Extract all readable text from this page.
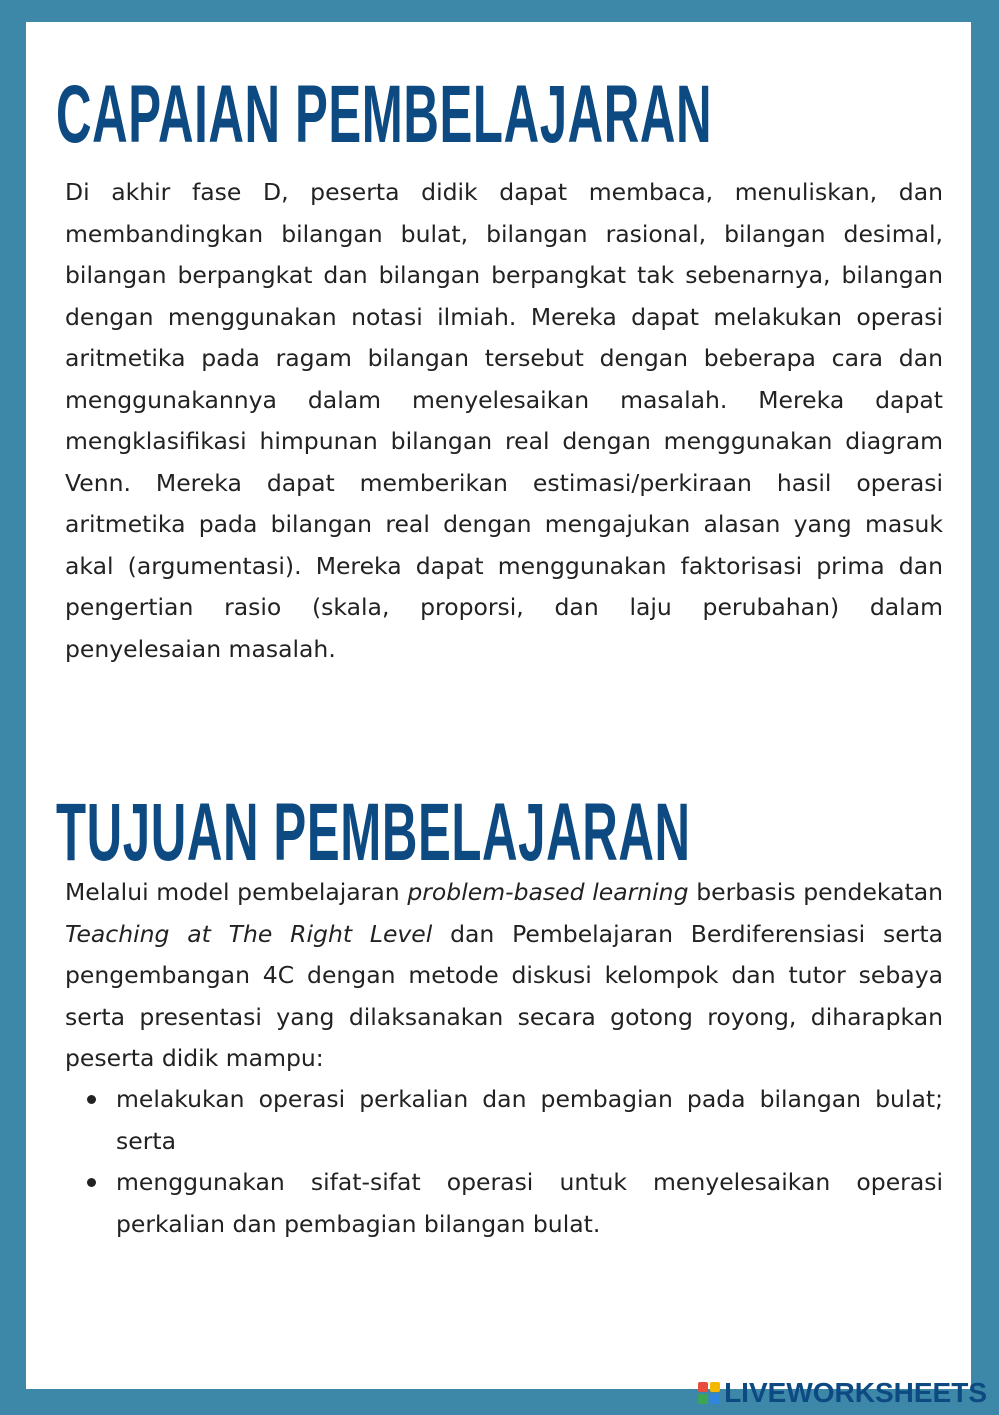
CAPAIAN PEMBELAJARAN

Di akhir fase D, peserta didik dapat membaca, menuliskan, dan membandingkan bilangan bulat, bilangan rasional, bilangan desimal, bilangan berpangkat dan bilangan berpangkat tak sebenarnya, bilangan dengan menggunakan notasi ilmiah. Mereka dapat melakukan operasi aritmetika pada ragam bilangan tersebut dengan beberapa cara dan menggunakannya dalam menyelesaikan masalah. Mereka dapat mengklasifikasi himpunan bilangan real dengan menggunakan diagram Venn. Mereka dapat memberikan estimasi/perkiraan hasil operasi aritmetika pada bilangan real dengan mengajukan alasan yang masuk akal (argumentasi). Mereka dapat menggunakan faktorisasi prima dan pengertian rasio (skala, proporsi, dan laju perubahan) dalam penyelesaian masalah.

TUJUAN PEMBELAJARAN

Melalui model pembelajaran problem-based learning berbasis pendekatan Teaching at The Right Level dan Pembelajaran Berdiferensiasi serta pengembangan 4C dengan metode diskusi kelompok dan tutor sebaya serta presentasi yang dilaksanakan secara gotong royong, diharapkan peserta didik mampu:

melakukan operasi perkalian dan pembagian pada bilangan bulat; serta
menggunakan sifat-sifat operasi untuk menyelesaikan operasi perkalian dan pembagian bilangan bulat.
LIVEWORKSHEETS
